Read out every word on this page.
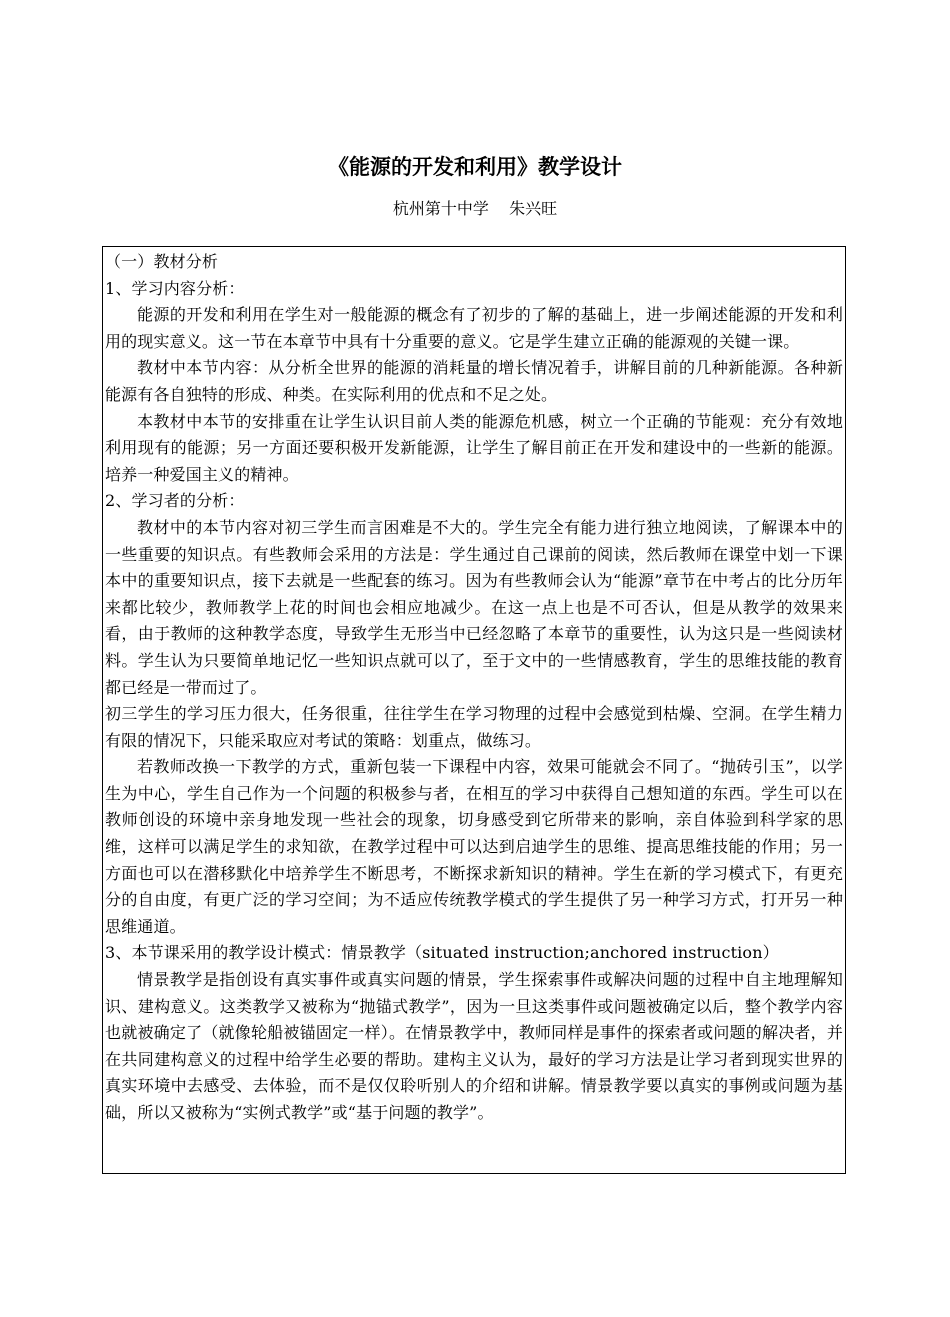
《能源的开发和利用》教学设计
杭州第十中学    朱兴旺
（一）教材分析
1、学习内容分析：

能源的开发和利用在学生对一般能源的概念有了初步的了解的基础上，进一步阐述能源的开发和利用的现实意义。这一节在本章节中具有十分重要的意义。它是学生建立正确的能源观的关键一课。

教材中本节内容：从分析全世界的能源的消耗量的增长情况着手，讲解目前的几种新能源。各种新能源有各自独特的形成、种类。在实际利用的优点和不足之处。

本教材中本节的安排重在让学生认识目前人类的能源危机感，树立一个正确的节能观：充分有效地利用现有的能源；另一方面还要积极开发新能源，让学生了解目前正在开发和建设中的一些新的能源。培养一种爱国主义的精神。

2、学习者的分析：

教材中的本节内容对初三学生而言困难是不大的。学生完全有能力进行独立地阅读，了解课本中的一些重要的知识点。有些教师会采用的方法是：学生通过自己课前的阅读，然后教师在课堂中划一下课本中的重要知识点，接下去就是一些配套的练习。因为有些教师会认为“能源”章节在中考占的比分历年来都比较少，教师教学上花的时间也会相应地减少。在这一点上也是不可否认，但是从教学的效果来看，由于教师的这种教学态度，导致学生无形当中已经忽略了本章节的重要性，认为这只是一些阅读材料。学生认为只要简单地记忆一些知识点就可以了，至于文中的一些情感教育，学生的思维技能的教育都已经是一带而过了。

初三学生的学习压力很大，任务很重，往往学生在学习物理的过程中会感觉到枯燥、空洞。在学生精力有限的情况下，只能采取应对考试的策略：划重点，做练习。

若教师改换一下教学的方式，重新包装一下课程中内容，效果可能就会不同了。“抛砖引玉”，以学生为中心，学生自己作为一个问题的积极参与者，在相互的学习中获得自己想知道的东西。学生可以在教师创设的环境中亲身地发现一些社会的现象，切身感受到它所带来的影响，亲自体验到科学家的思维，这样可以满足学生的求知欲，在教学过程中可以达到启迪学生的思维、提高思维技能的作用；另一方面也可以在潜移默化中培养学生不断思考，不断探求新知识的精神。学生在新的学习模式下，有更充分的自由度，有更广泛的学习空间；为不适应传统教学模式的学生提供了另一种学习方式，打开另一种思维通道。

3、本节课采用的教学设计模式：情景教学（situated instruction;anchored instruction）

情景教学是指创设有真实事件或真实问题的情景，学生探索事件或解决问题的过程中自主地理解知识、建构意义。这类教学又被称为“抛锚式教学”，因为一旦这类事件或问题被确定以后，整个教学内容也就被确定了（就像轮船被锚固定一样）。在情景教学中，教师同样是事件的探索者或问题的解决者，并在共同建构意义的过程中给学生必要的帮助。建构主义认为，最好的学习方法是让学习者到现实世界的真实环境中去感受、去体验，而不是仅仅聆听别人的介绍和讲解。情景教学要以真实的事例或问题为基础，所以又被称为“实例式教学”或“基于问题的教学”。
